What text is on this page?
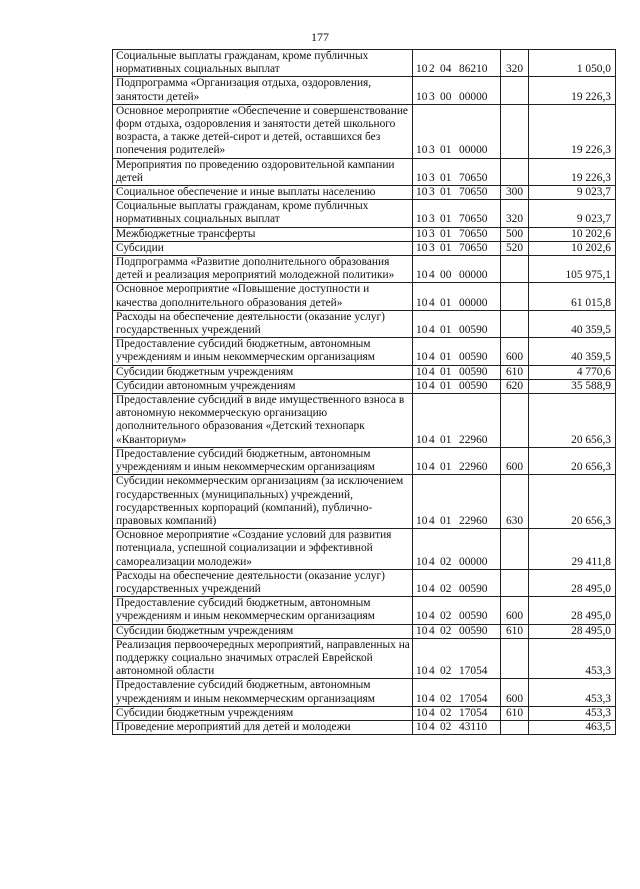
177
Социальные выплаты гражданам, кроме публичных нормативных социальных выплат	10 2 04 86210	320	1 050,0
Подпрограмма «Организация отдыха, оздоровления, занятости детей»	10 3 00 00000		19 226,3
Основное мероприятие «Обеспечение и совершенствование форм отдыха, оздоровления и занятости детей школьного возраста, а также детей-сирот и детей, оставшихся без попечения родителей»	10 3 01 00000		19 226,3
Мероприятия по проведению оздоровительной кампании детей	10 3 01 70650		19 226,3
Социальное обеспечение и иные выплаты населению	10 3 01 70650	300	9 023,7
Социальные выплаты гражданам, кроме публичных нормативных социальных выплат	10 3 01 70650	320	9 023,7
Межбюджетные трансферты	10 3 01 70650	500	10 202,6
Субсидии	10 3 01 70650	520	10 202,6
Подпрограмма «Развитие дополнительного образования детей и реализация мероприятий молодежной политики»	10 4 00 00000		105 975,1
Основное мероприятие «Повышение доступности и качества дополнительного образования детей»	10 4 01 00000		61 015,8
Расходы на обеспечение деятельности (оказание услуг) государственных учреждений	10 4 01 00590		40 359,5
Предоставление субсидий бюджетным, автономным учреждениям и иным некоммерческим организациям	10 4 01 00590	600	40 359,5
Субсидии бюджетным учреждениям	10 4 01 00590	610	4 770,6
Субсидии автономным учреждениям	10 4 01 00590	620	35 588,9
Предоставление субсидий в виде имущественного взноса в автономную некоммерческую организацию дополнительного образования «Детский технопарк «Кванториум»	10 4 01 22960		20 656,3
Предоставление субсидий бюджетным, автономным учреждениям и иным некоммерческим организациям	10 4 01 22960	600	20 656,3
Субсидии некоммерческим организациям (за исключением государственных (муниципальных) учреждений, государственных корпораций (компаний), публично-правовых компаний)	10 4 01 22960	630	20 656,3
Основное мероприятие «Создание условий для развития потенциала, успешной социализации и эффективной самореализации молодежи»	10 4 02 00000		29 411,8
Расходы на обеспечение деятельности (оказание услуг) государственных учреждений	10 4 02 00590		28 495,0
Предоставление субсидий бюджетным, автономным учреждениям и иным некоммерческим организациям	10 4 02 00590	600	28 495,0
Субсидии бюджетным учреждениям	10 4 02 00590	610	28 495,0
Реализация первоочередных мероприятий, направленных на поддержку социально значимых отраслей Еврейской автономной области	10 4 02 17054		453,3
Предоставление субсидий бюджетным, автономным учреждениям и иным некоммерческим организациям	10 4 02 17054	600	453,3
Субсидии бюджетным учреждениям	10 4 02 17054	610	453,3
Проведение мероприятий для детей и молодежи	10 4 02 43110		463,5
